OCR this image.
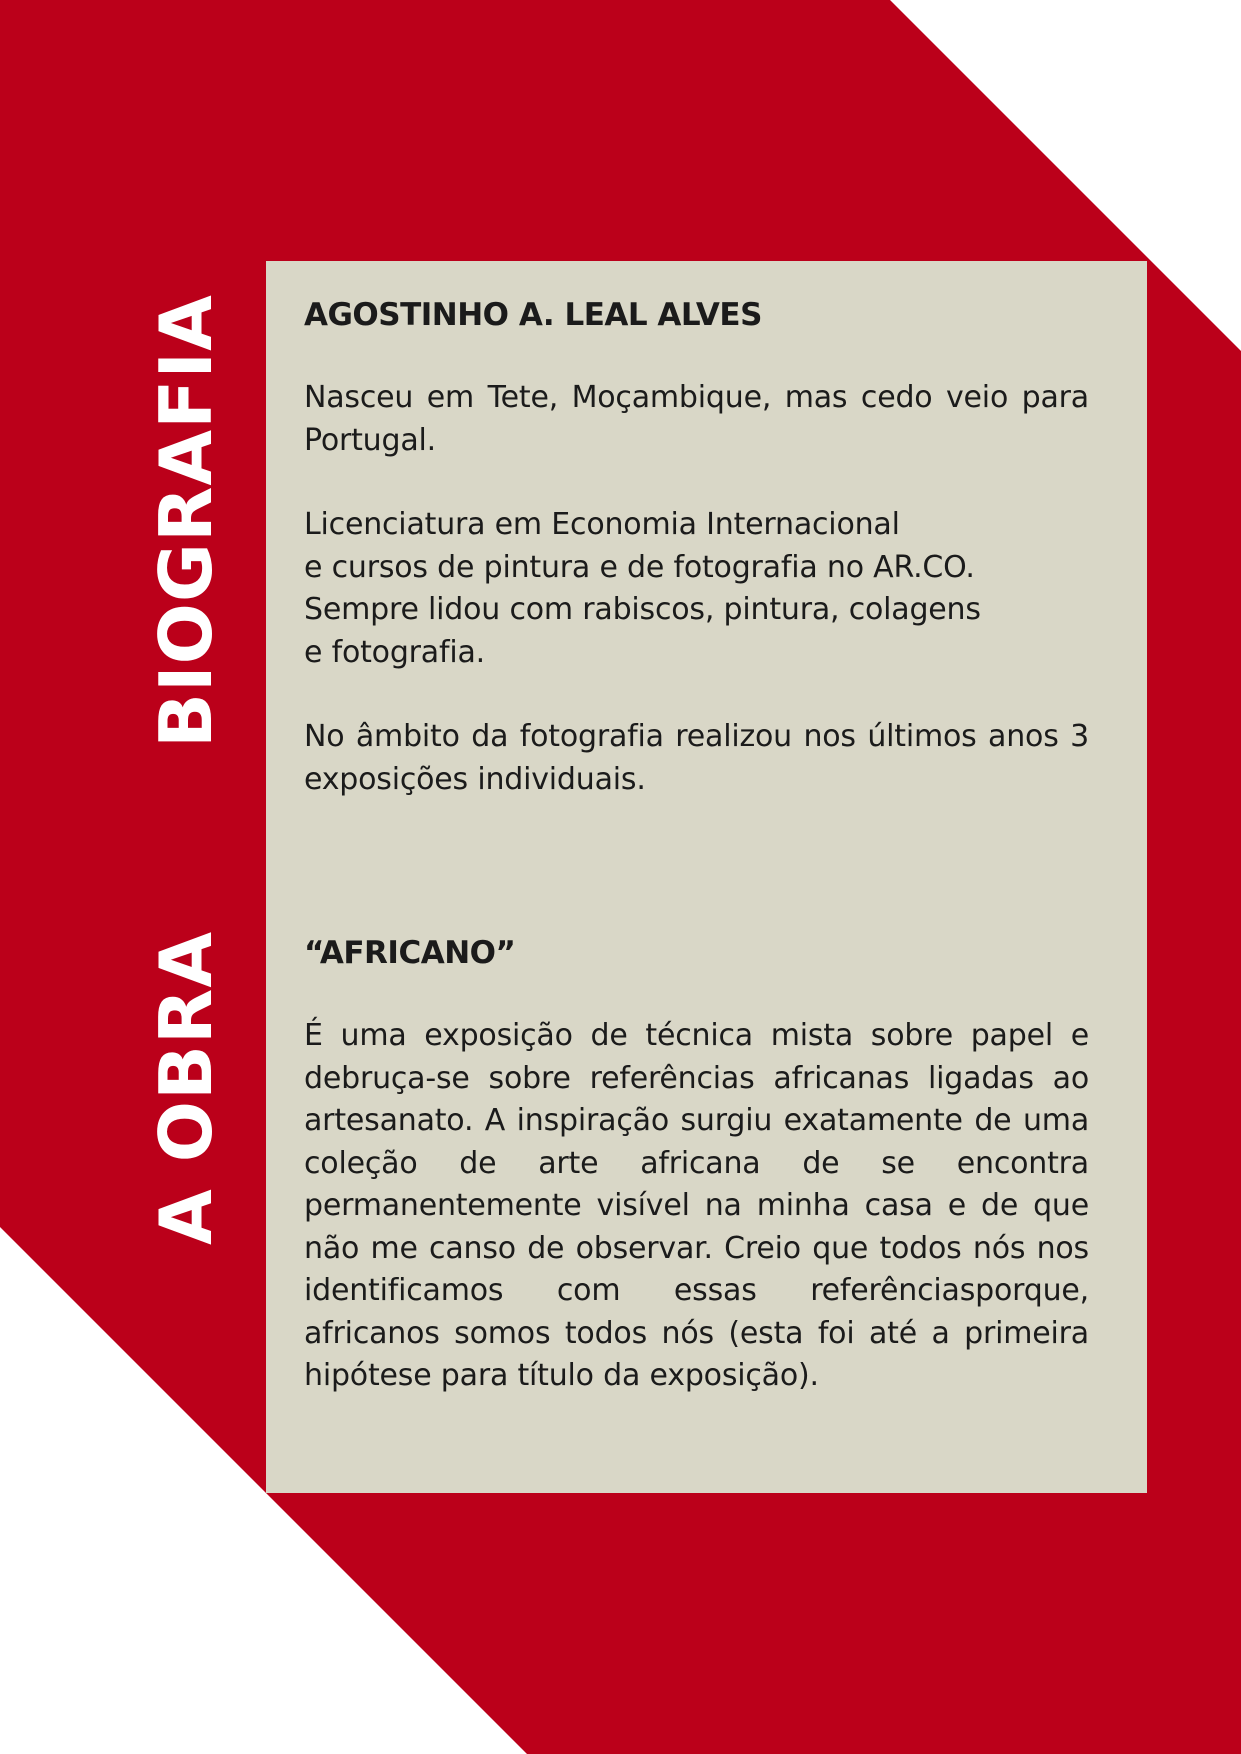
BIOGRAFIA
A OBRA
AGOSTINHO A. LEAL ALVES

Nasceu em Tete, Moçambique, mas cedo veio para Portugal.

Licenciatura em Economia Internacional
e cursos de pintura e de fotografia no AR.CO.
Sempre lidou com rabiscos, pintura, colagens
e fotografia.

No âmbito da fotografia realizou nos últimos anos 3 exposições individuais.

“AFRICANO”

É uma exposição de técnica mista sobre papel e debruça-se sobre referências africanas ligadas ao artesanato. A inspiração surgiu exatamente de uma coleção de arte africana de se encontra permanentemente visível na minha casa e de que não me canso de observar. Creio que todos nós nos identificamos com essas referênciasporque, africanos somos todos nós (esta foi até a primeira hipótese para título da exposição).
